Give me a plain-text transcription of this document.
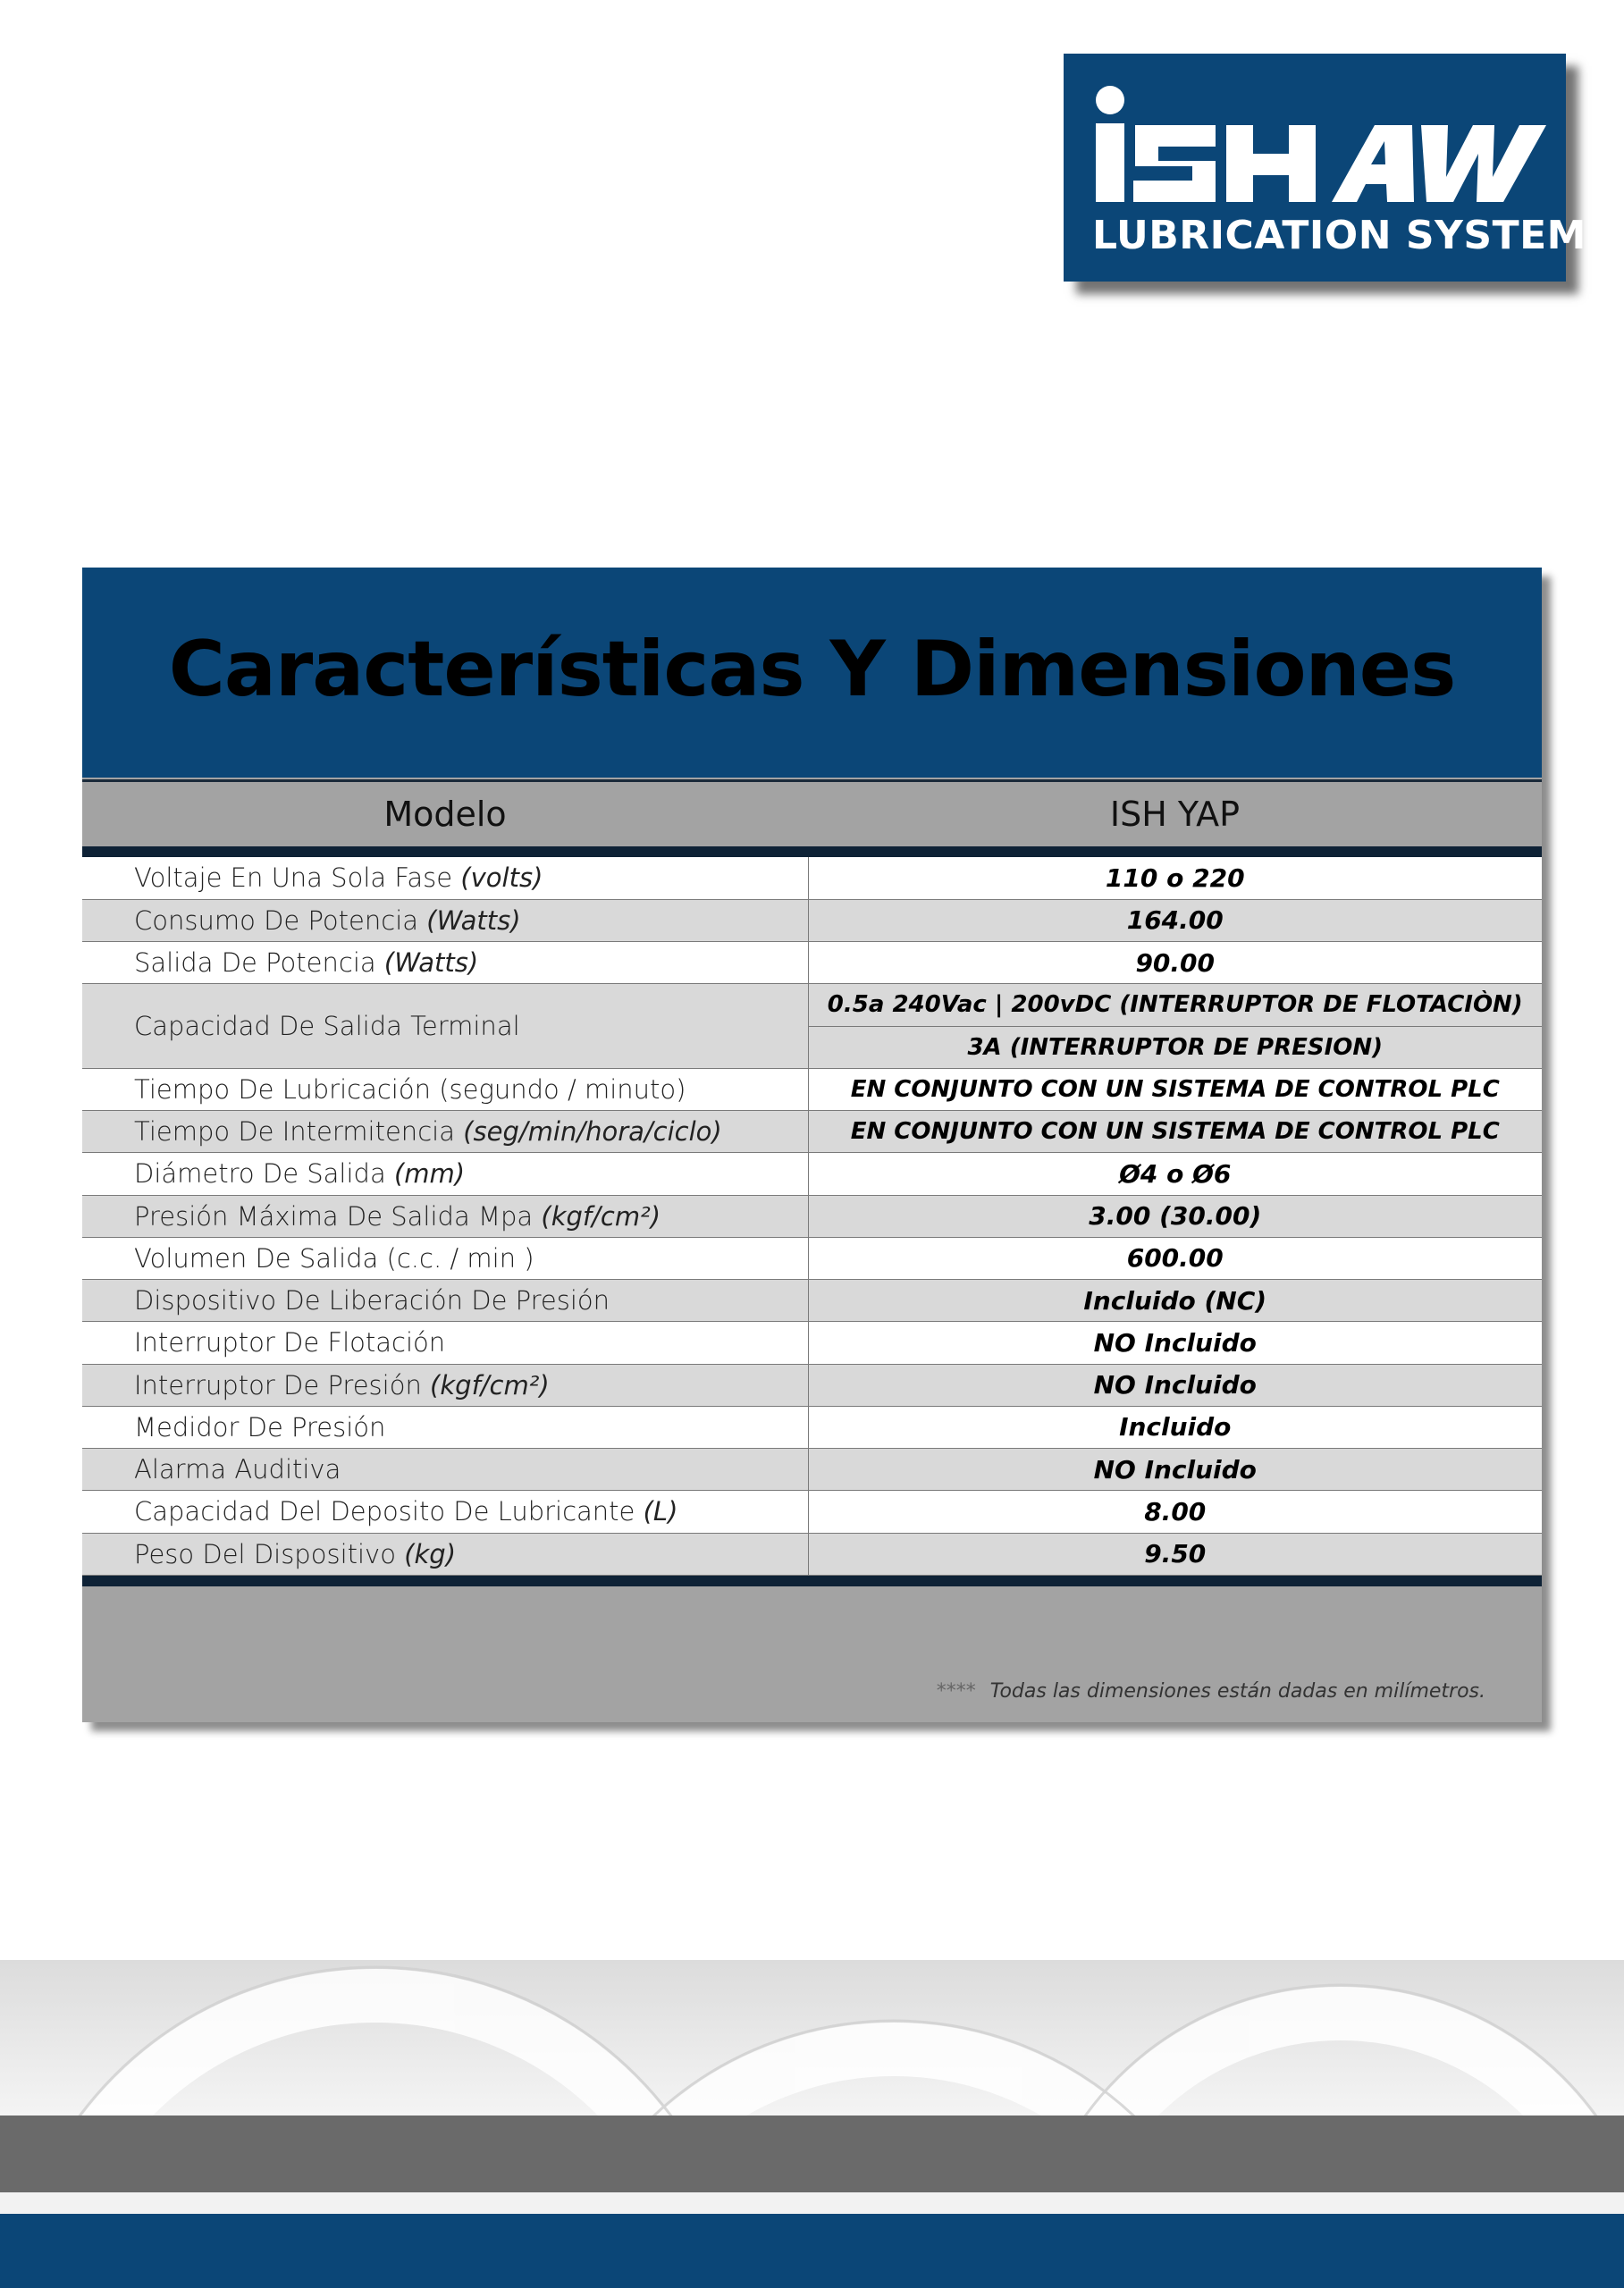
LUBRICATION SYSTEM
Características Y Dimensiones
Modelo	ISH YAP
Voltaje En Una Sola Fase (volts)	110 o 220
Consumo De Potencia (Watts)	164.00
Salida De Potencia (Watts)	90.00
Capacidad De Salida Terminal	0.5a 240Vac | 200vDC (INTERRUPTOR DE FLOTACIÒN)
	3A (INTERRUPTOR DE PRESION)
Tiempo De Lubricación (segundo / minuto)	EN CONJUNTO CON UN SISTEMA DE CONTROL PLC
Tiempo De Intermitencia (seg/min/hora/ciclo)	EN CONJUNTO CON UN SISTEMA DE CONTROL PLC
Diámetro De Salida (mm)	Ø4 o Ø6
Presión Máxima De Salida Mpa (kgf/cm²)	3.00 (30.00)
Volumen De Salida (c.c. / min )	600.00
Dispositivo De Liberación De Presión	Incluido (NC)
Interruptor De Flotación	NO Incluido
Interruptor De Presión (kgf/cm²)	NO Incluido
Medidor De Presión	Incluido
Alarma Auditiva	NO Incluido
Capacidad Del Deposito De Lubricante (L)	8.00
Peso Del Dispositivo (kg)	9.50
**** Todas las dimensiones están dadas en milímetros.
